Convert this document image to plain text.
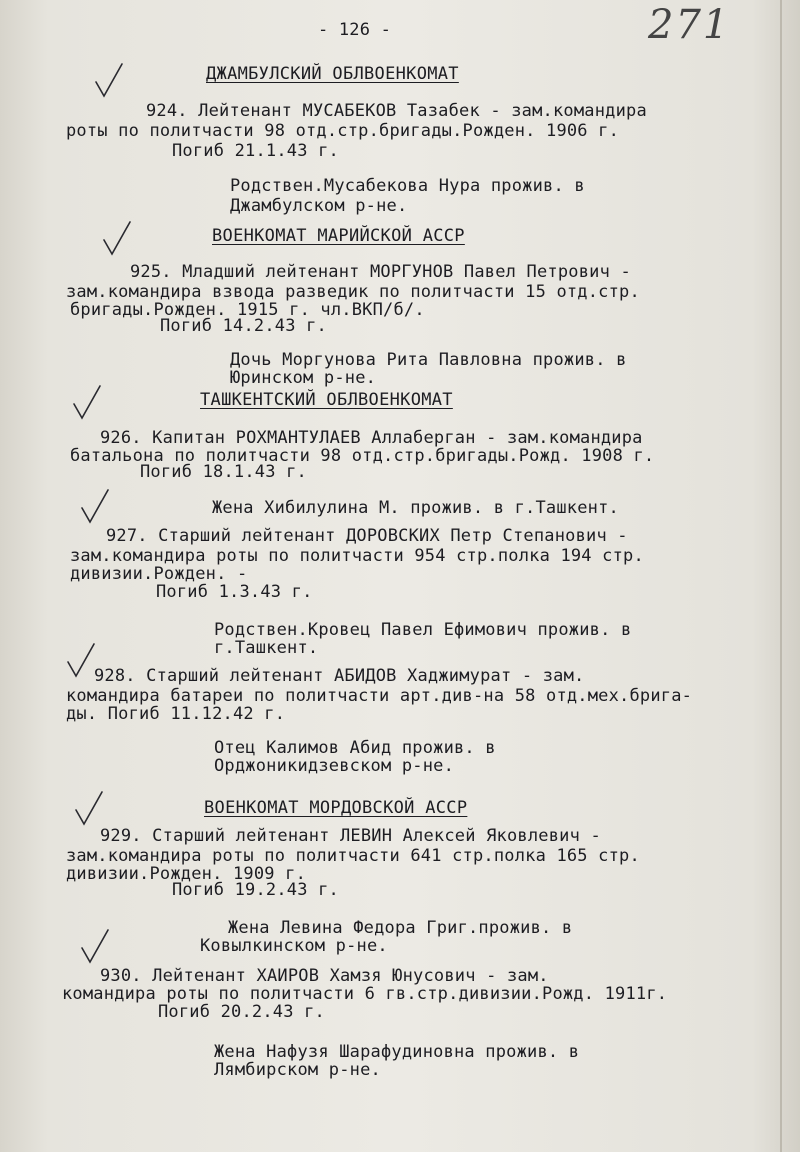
- 126 -	271
ДЖАМБУЛСКИЙ ОБЛВОЕНКОМАТ
924. Лейтенант МУСАБЕКОВ Тазабек - зам.командира
роты по политчасти 98 отд.стр.бригады.Рожден. 1906 г.
Погиб 21.1.43 г.
Родствен.Мусабекова Нура прожив. в
Джамбулском р-не.
ВОЕНКОМАТ МАРИЙСКОЙ АССР
925. Младший лейтенант МОРГУНОВ Павел Петрович -
зам.командира взвода разведик по политчасти 15 отд.стр.
бригады.Рожден. 1915 г. чл.ВКП/б/.
Погиб 14.2.43 г.
Дочь Моргунова Рита Павловна прожив. в
Юринском р-не.
ТАШКЕНТСКИЙ ОБЛВОЕНКОМАТ
926. Капитан РОХМАНТУЛАЕВ Аллаберган - зам.командира
батальона по политчасти 98 отд.стр.бригады.Рожд. 1908 г.
Погиб 18.1.43 г.
Жена Хибилулина М. прожив. в г.Ташкент.
927. Старший лейтенант ДОРОВСКИХ Петр Степанович -
зам.командира роты по политчасти 954 стр.полка 194 стр.
дивизии.Рожден. -
Погиб 1.3.43 г.
Родствен.Кровец Павел Ефимович прожив. в
г.Ташкент.
928. Старший лейтенант АБИДОВ Хаджимурат - зам.
командира батареи по политчасти арт.див-на 58 отд.мех.брига-
ды. Погиб 11.12.42 г.
Отец Калимов Абид прожив. в
Орджоникидзевском р-не.
ВОЕНКОМАТ МОРДОВСКОЙ АССР
929. Старший лейтенант ЛЕВИН Алексей Яковлевич -
зам.командира роты по политчасти 641 стр.полка 165 стр.
дивизии.Рожден. 1909 г.
Погиб 19.2.43 г.
Жена Левина Федора Григ.прожив. в
Ковылкинском р-не.
930. Лейтенант ХАИРОВ Хамзя Юнусович - зам.
командира роты по политчасти 6 гв.стр.дивизии.Рожд. 1911г.
Погиб 20.2.43 г.
Жена Нафузя Шарафудиновна прожив. в
Лямбирском р-не.
